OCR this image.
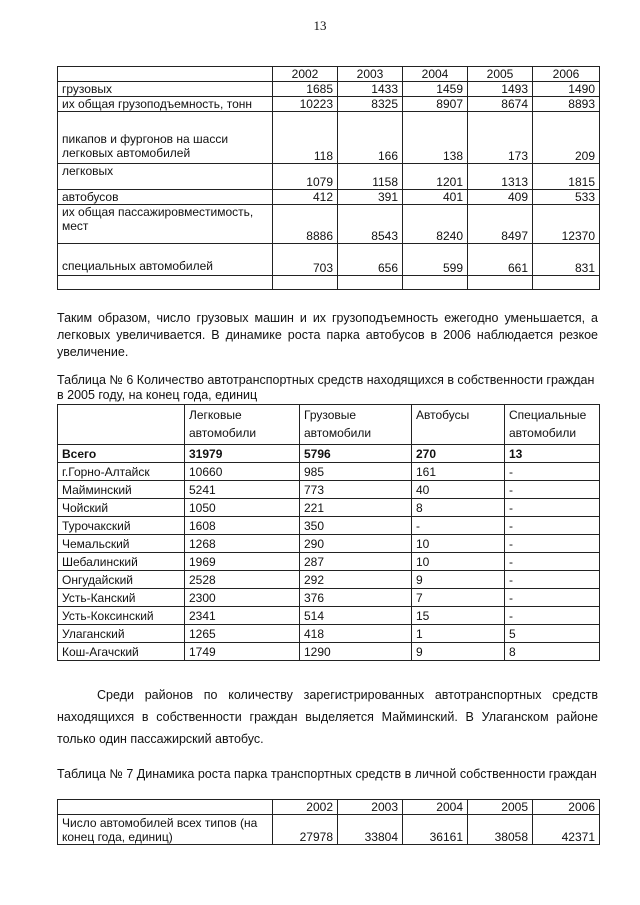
13
	2002	2003	2004	2005	2006
грузовых	1685	1433	1459	1493	1490
их общая грузоподъемность, тонн	10223	8325	8907	8674	8893
пикапов и фургонов на шасси легковых автомобилей	118	166	138	173	209
легковых	1079	1158	1201	1313	1815
автобусов	412	391	401	409	533
их общая пассажировместимость, мест	8886	8543	8240	8497	12370
специальных автомобилей	703	656	599	661	831

Таким образом, число грузовых машин и их грузоподъемность ежегодно уменьшается, а легковых увеличивается. В динамике роста парка автобусов в 2006 наблюдается резкое увеличение.

Таблица № 6 Количество автотранспортных средств находящихся в собственности граждан в 2005 году, на конец года, единиц

	Легковые автомобили	Грузовые автомобили	Автобусы	Специальные автомобили
Всего	31979	5796	270	13
г.Горно-Алтайск	10660	985	161	-
Майминский	5241	773	40	-
Чойский	1050	221	8	-
Турочакский	1608	350	-	-
Чемальский	1268	290	10	-
Шебалинский	1969	287	10	-
Онгудайский	2528	292	9	-
Усть-Канский	2300	376	7	-
Усть-Коксинский	2341	514	15	-
Улаганский	1265	418	1	5
Кош-Агачский	1749	1290	9	8

Среди районов по количеству зарегистрированных автотранспортных средств находящихся в собственности граждан выделяется Майминский. В Улаганском районе только один пассажирский автобус.

Таблица № 7 Динамика роста парка транспортных средств в личной собственности граждан

	2002	2003	2004	2005	2006
Число автомобилей всех типов (на конец года, единиц)	27978	33804	36161	38058	42371
